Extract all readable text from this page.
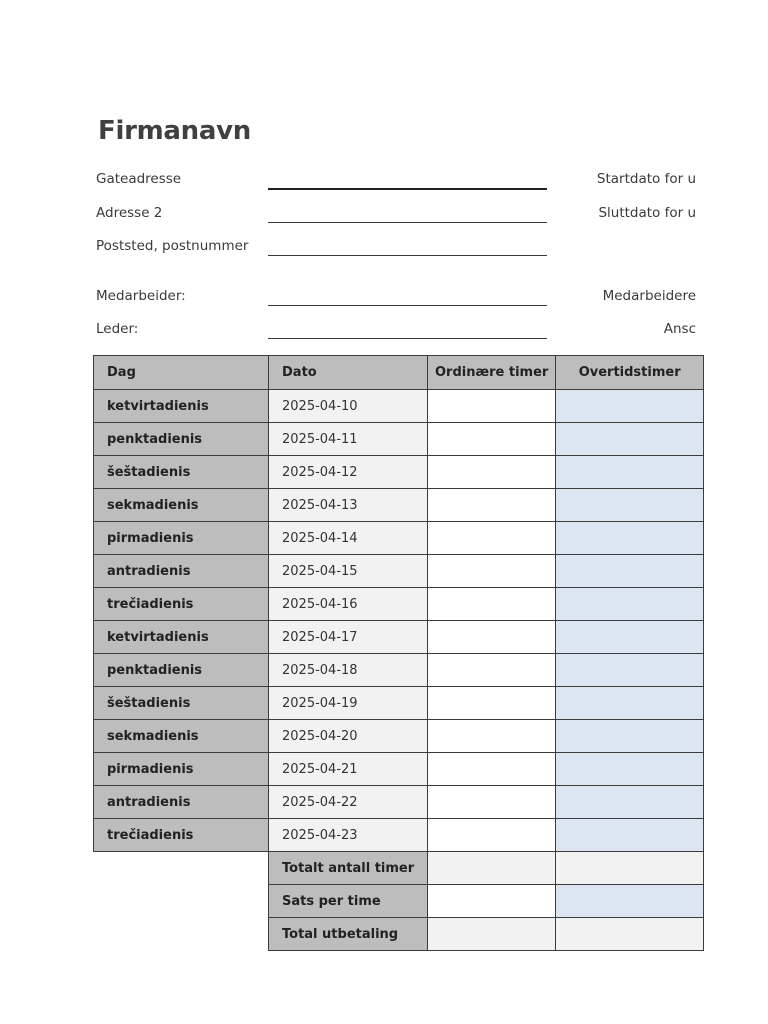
Firmanavn
Gateadresse
Adresse 2
Poststed, postnummer
Medarbeider:
Leder:
Startdato for u
Sluttdato for u
Medarbeidere
Ansc
Dag	Dato	Ordinære timer	Overtidstimer
ketvirtadienis	2025-04-10		
penktadienis	2025-04-11		
šeštadienis	2025-04-12		
sekmadienis	2025-04-13		
pirmadienis	2025-04-14		
antradienis	2025-04-15		
trečiadienis	2025-04-16		
ketvirtadienis	2025-04-17		
penktadienis	2025-04-18		
šeštadienis	2025-04-19		
sekmadienis	2025-04-20		
pirmadienis	2025-04-21		
antradienis	2025-04-22		
trečiadienis	2025-04-23		
	Totalt antall timer		
	Sats per time		
	Total utbetaling		
